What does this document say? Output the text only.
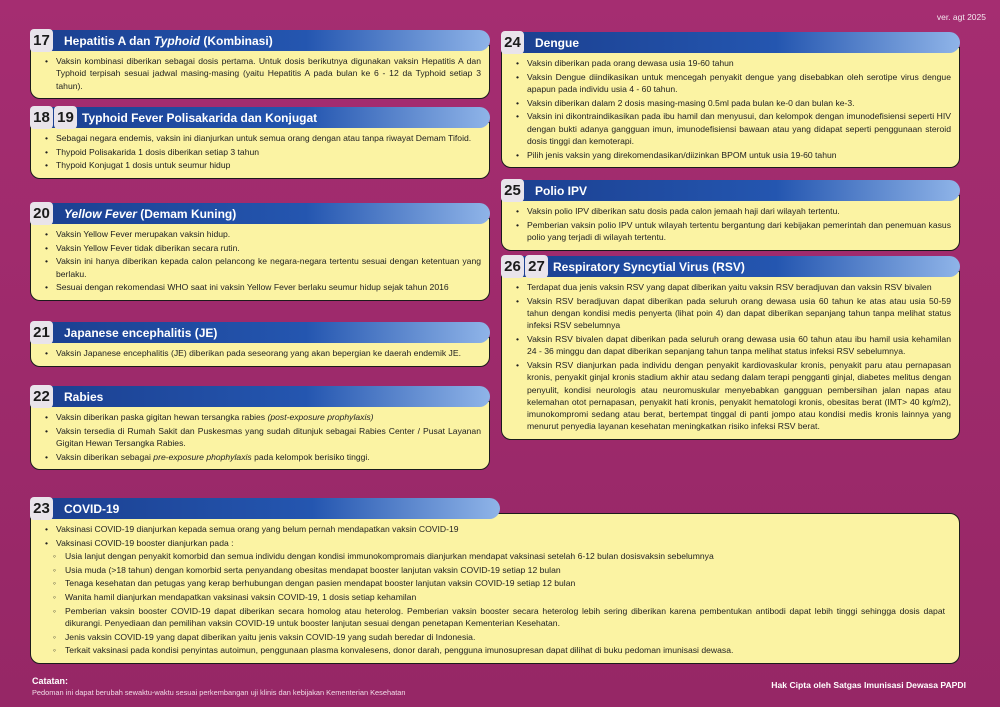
ver. agt 2025
17 Hepatitis A dan Typhoid (Kombinasi)
• Vaksin kombinasi diberikan sebagai dosis pertama. Untuk dosis berikutnya digunakan vaksin Hepatitis A dan Typhoid terpisah sesuai jadwal masing-masing (yaitu Hepatitis A pada bulan ke 6 - 12 da Typhoid setiap 3 tahun).
18 19 Typhoid Fever Polisakarida dan Konjugat
• Sebagai negara endemis, vaksin ini dianjurkan untuk semua orang dengan atau tanpa riwayat Demam Tifoid.
• Thypoid Polisakarida 1 dosis diberikan setiap 3 tahun
• Thypoid Konjugat 1 dosis untuk seumur hidup
20 Yellow Fever (Demam Kuning)
• Vaksin Yellow Fever merupakan vaksin hidup.
• Vaksin Yellow Fever tidak diberikan secara rutin.
• Vaksin ini hanya diberikan kepada calon pelancong ke negara-negara tertentu sesuai dengan ketentuan yang berlaku.
• Sesuai dengan rekomendasi WHO saat ini vaksin Yellow Fever berlaku seumur hidup sejak tahun 2016
21 Japanese encephalitis (JE)
• Vaksin Japanese encephalitis (JE) diberikan pada seseorang yang akan bepergian ke daerah endemik JE.
22 Rabies
• Vaksin diberikan paska gigitan hewan tersangka rabies (post-exposure prophylaxis)
• Vaksin tersedia di Rumah Sakit dan Puskesmas yang sudah ditunjuk sebagai Rabies Center / Pusat Layanan Gigitan Hewan Tersangka Rabies.
• Vaksin diberikan sebagai pre-exposure phophylaxis pada kelompok berisiko tinggi.
24 Dengue
• Vaksin diberikan pada orang dewasa usia 19-60 tahun
• Vaksin Dengue diindikasikan untuk mencegah penyakit dengue yang disebabkan oleh serotipe virus dengue apapun pada individu usia 4 - 60 tahun.
• Vaksin diberikan dalam 2 dosis masing-masing 0.5ml pada bulan ke-0 dan bulan ke-3.
• Vaksin ini dikontraindikasikan pada ibu hamil dan menyusui, dan kelompok dengan imunodefisiensi seperti HIV dengan bukti adanya gangguan imun, imunodefisiensi bawaan atau yang didapat seperti penggunaan steroid dosis tinggi dan kemoterapi.
• Pilih jenis vaksin yang direkomendasikan/diizinkan BPOM untuk usia 19-60 tahun
25 Polio IPV
• Vaksin polio IPV diberikan satu dosis pada calon jemaah haji dari wilayah tertentu.
• Pemberian vaksin polio IPV untuk wilayah tertentu bergantung dari kebijakan pemerintah dan penemuan kasus polio yang terjadi di wilayah tertentu.
26 27 Respiratory Syncytial Virus (RSV)
• Terdapat dua jenis vaksin RSV yang dapat diberikan yaitu vaksin RSV beradjuvan dan vaksin RSV bivalen
• Vaksin RSV beradjuvan dapat diberikan pada seluruh orang dewasa usia 60 tahun ke atas atau usia 50-59 tahun dengan kondisi medis penyerta (lihat poin 4) dan dapat diberikan sepanjang tahun tanpa melihat status infeksi RSV sebelumnya
• Vaksin RSV bivalen dapat diberikan pada seluruh orang dewasa usia 60 tahun atau ibu hamil usia kehamilan 24 - 36 minggu dan dapat diberikan sepanjang tahun tanpa melihat status infeksi RSV sebelumnya.
• Vaksin RSV dianjurkan pada individu dengan penyakit kardiovaskular kronis, penyakit paru atau pernapasan kronis, penyakit ginjal kronis stadium akhir atau sedang dalam terapi pengganti ginjal, diabetes melitus dengan penyulit, kondisi neurologis atau neuromuskular menyebabkan gangguan pembersihan jalan napas atau kelemahan otot pernapasan, penyakit hati kronis, penyakit hematologi kronis, obesitas berat (IMT> 40 kg/m2), imunokompromi sedang atau berat, bertempat tinggal di panti jompo atau kondisi medis kronis lainnya yang menurut penyedia layanan kesehatan meningkatkan risiko infeksi RSV berat.
23 COVID-19
• Vaksinasi COVID-19 dianjurkan kepada semua orang yang belum pernah mendapatkan vaksin COVID-19
• Vaksinasi COVID-19 booster dianjurkan pada :
◦ Usia lanjut dengan penyakit komorbid dan semua individu dengan kondisi immunokompromais dianjurkan mendapat vaksinasi setelah 6-12 bulan dosisvaksin sebelumnya
◦ Usia muda (>18 tahun) dengan komorbid serta penyandang obesitas mendapat booster lanjutan vaksin COVID-19 setiap 12 bulan
◦ Tenaga kesehatan dan petugas yang kerap berhubungan dengan pasien mendapat booster lanjutan vaksin COVID-19 setiap 12 bulan
◦ Wanita hamil dianjurkan mendapatkan vaksinasi vaksin COVID-19, 1 dosis setiap kehamilan
◦ Pemberian vaksin booster COVID-19 dapat diberikan secara homolog atau heterolog. Pemberian vaksin booster secara heterolog lebih sering diberikan karena pembentukan antibodi dapat lebih tinggi sehingga dosis dapat dikurangi. Penyediaan dan pemilihan vaksin COVID-19 untuk booster lanjutan sesuai dengan penetapan Kementerian Kesehatan.
◦ Jenis vaksin COVID-19 yang dapat diberikan yaitu jenis vaksin COVID-19 yang sudah beredar di Indonesia.
◦ Terkait vaksinasi pada kondisi penyintas autoimun, penggunaan plasma konvalesens, donor darah, pengguna imunosupresan dapat dilihat di buku pedoman imunisasi dewasa.
Catatan:
Pedoman ini dapat berubah sewaktu-waktu sesuai perkembangan uji klinis dan kebijakan Kementerian Kesehatan
Hak Cipta oleh Satgas Imunisasi Dewasa PAPDI
